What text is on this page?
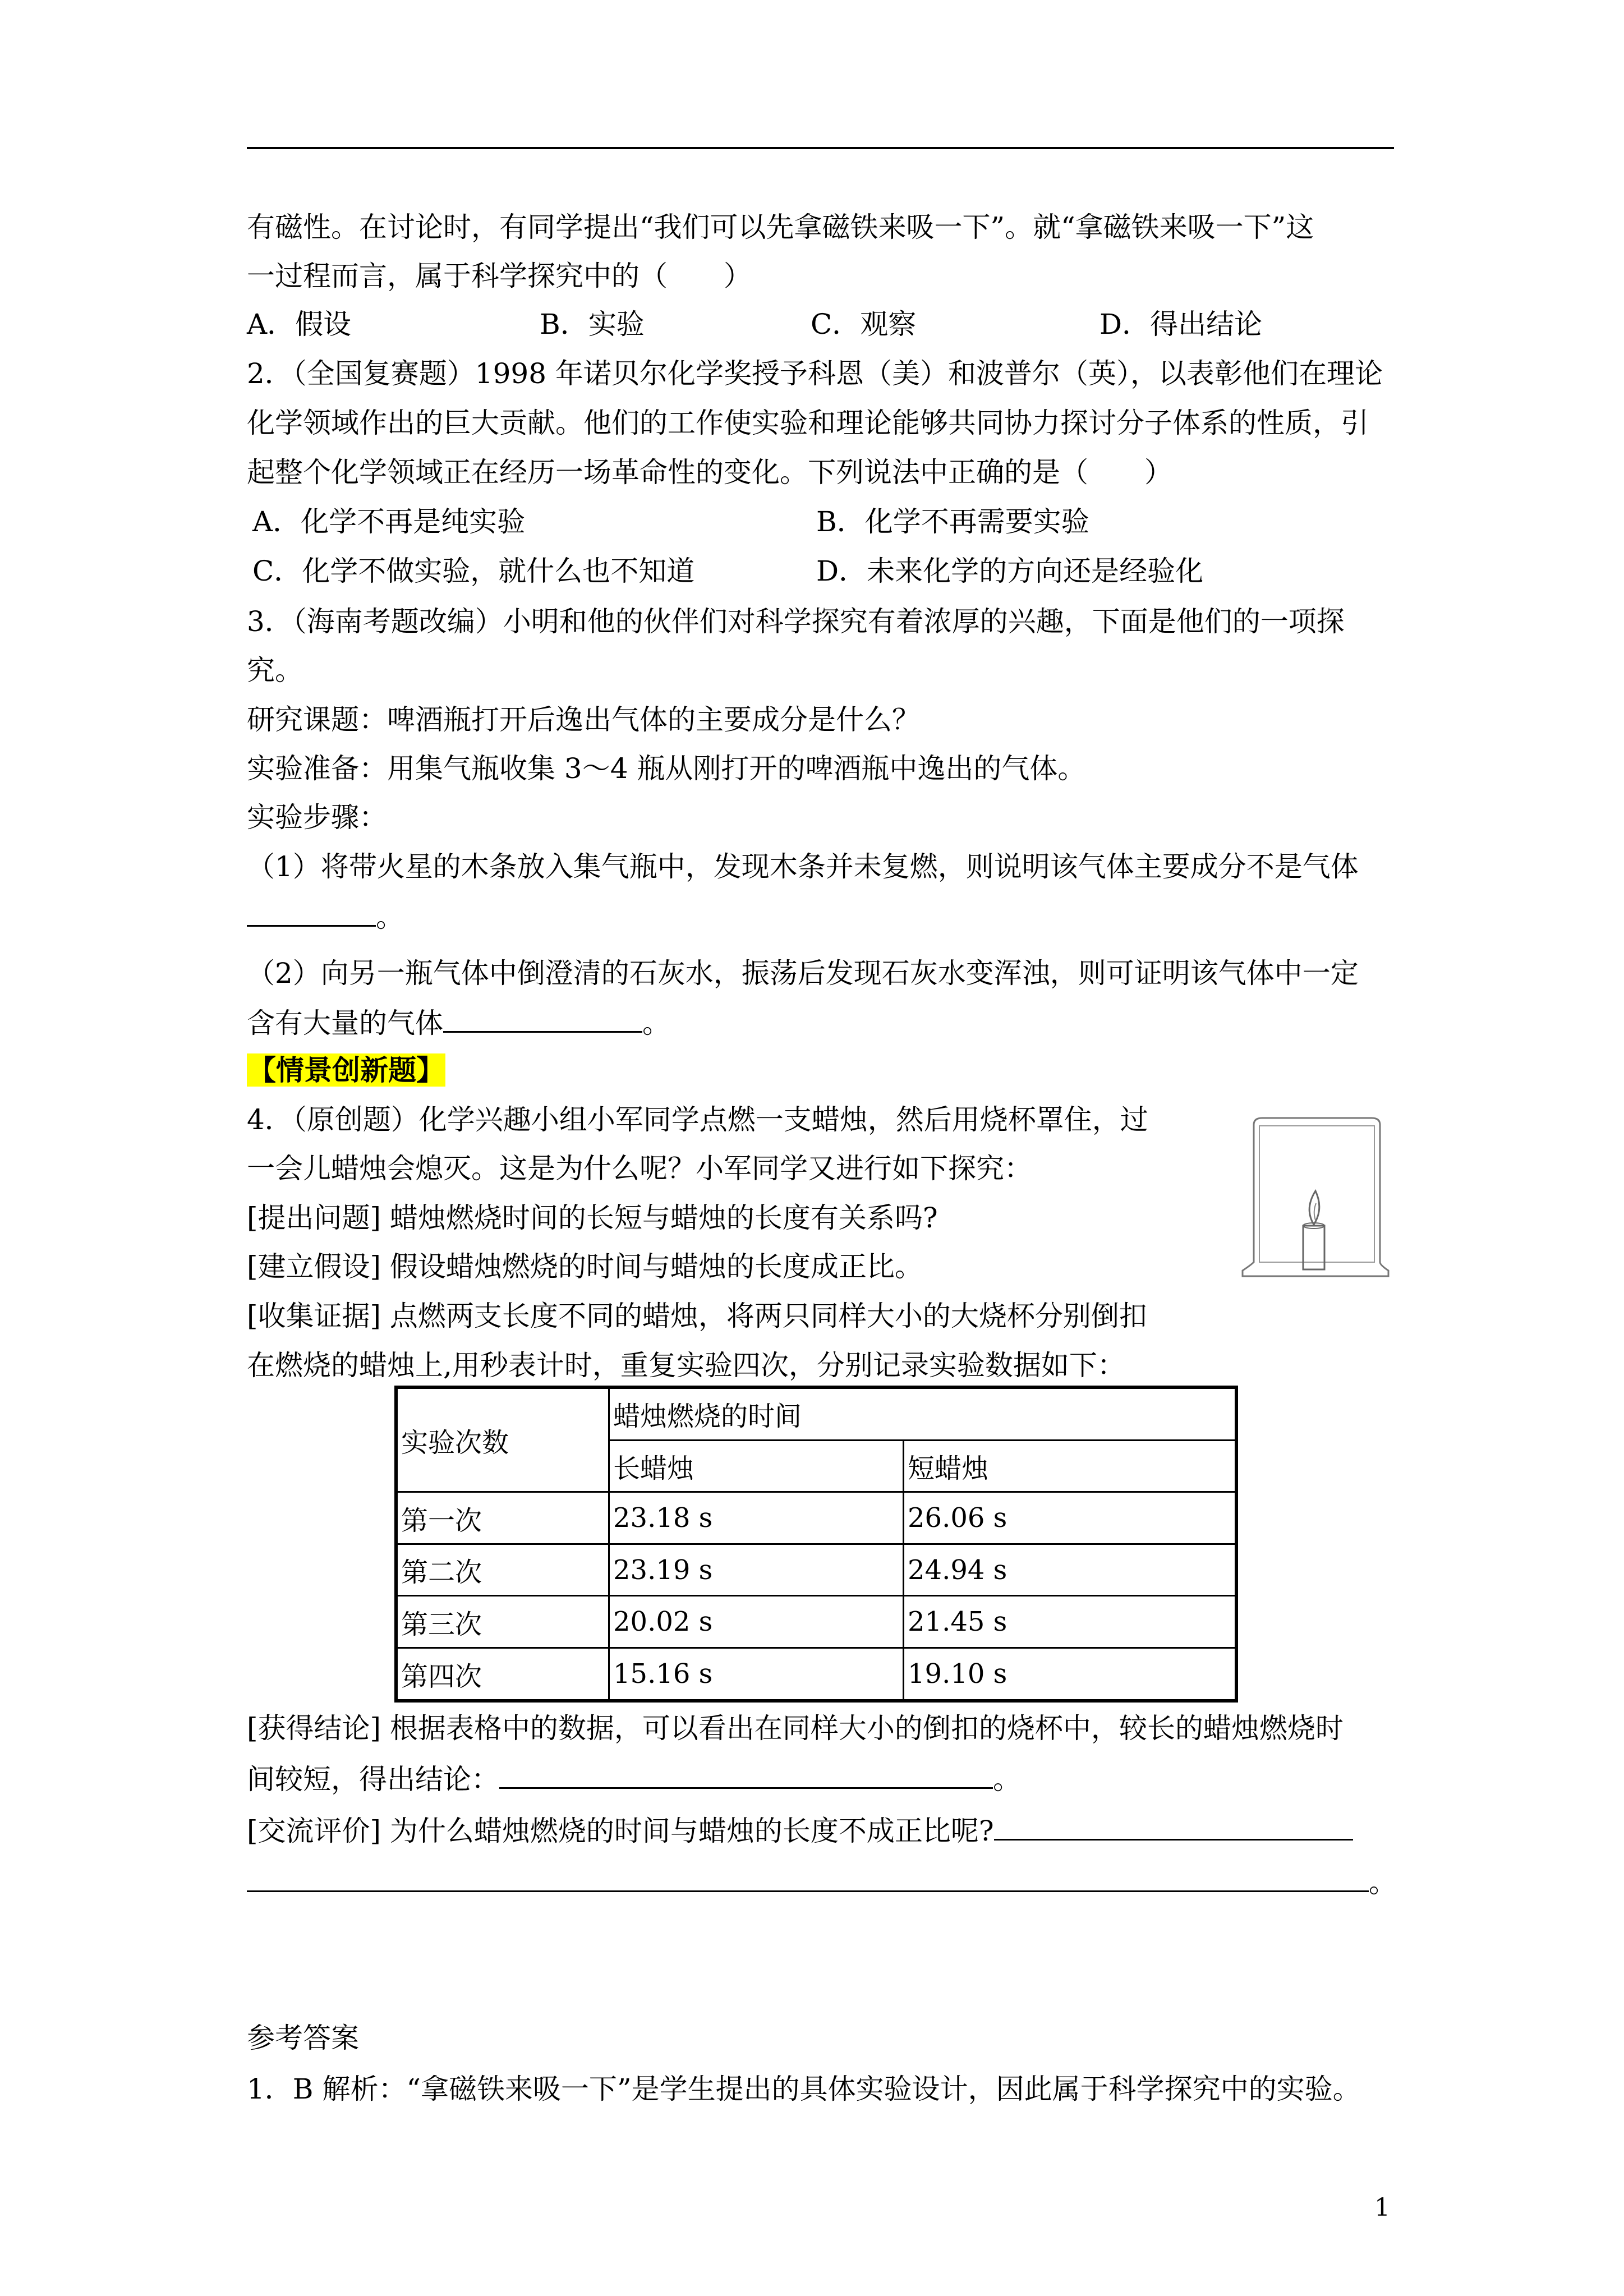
有磁性。在讨论时，有同学提出“我们可以先拿磁铁来吸一下”。就“拿磁铁来吸一下”这
一过程而言，属于科学探究中的（　　）
A．假设	B．实验	C．观察	D．得出结论
2．（全国复赛题）1998 年诺贝尔化学奖授予科恩（美）和波普尔（英），以表彰他们在理论
化学领域作出的巨大贡献。他们的工作使实验和理论能够共同协力探讨分子体系的性质，引
起整个化学领域正在经历一场革命性的变化。下列说法中正确的是（　　）
A．化学不再是纯实验	B．化学不再需要实验
C．化学不做实验，就什么也不知道	D．未来化学的方向还是经验化
3．（海南考题改编）小明和他的伙伴们对科学探究有着浓厚的兴趣，下面是他们的一项探
究。
研究课题：啤酒瓶打开后逸出气体的主要成分是什么？
实验准备：用集气瓶收集 3～4 瓶从刚打开的啤酒瓶中逸出的气体。
实验步骤：
（1）将带火星的木条放入集气瓶中，发现木条并未复燃，则说明该气体主要成分不是气体
。
（2）向另一瓶气体中倒澄清的石灰水，振荡后发现石灰水变浑浊，则可证明该气体中一定
含有大量的气体	。
【情景创新题】
4．（原创题）化学兴趣小组小军同学点燃一支蜡烛，然后用烧杯罩住，过
一会儿蜡烛会熄灭。这是为什么呢？小军同学又进行如下探究：
[提出问题] 蜡烛燃烧时间的长短与蜡烛的长度有关系吗?
[建立假设] 假设蜡烛燃烧的时间与蜡烛的长度成正比。
[收集证据] 点燃两支长度不同的蜡烛，将两只同样大小的大烧杯分别倒扣
在燃烧的蜡烛上,用秒表计时，重复实验四次，分别记录实验数据如下：
实验次数	蜡烛燃烧的时间	
	长蜡烛	短蜡烛
第一次	23.18 s	26.06 s
第二次	23.19 s	24.94 s
第三次	20.02 s	21.45 s
第四次	15.16 s	19.10 s
[获得结论] 根据表格中的数据，可以看出在同样大小的倒扣的烧杯中，较长的蜡烛燃烧时
间较短，得出结论：	。
[交流评价] 为什么蜡烛燃烧的时间与蜡烛的长度不成正比呢?
。
参考答案
1．B 解析：“拿磁铁来吸一下”是学生提出的具体实验设计，因此属于科学探究中的实验。
1
